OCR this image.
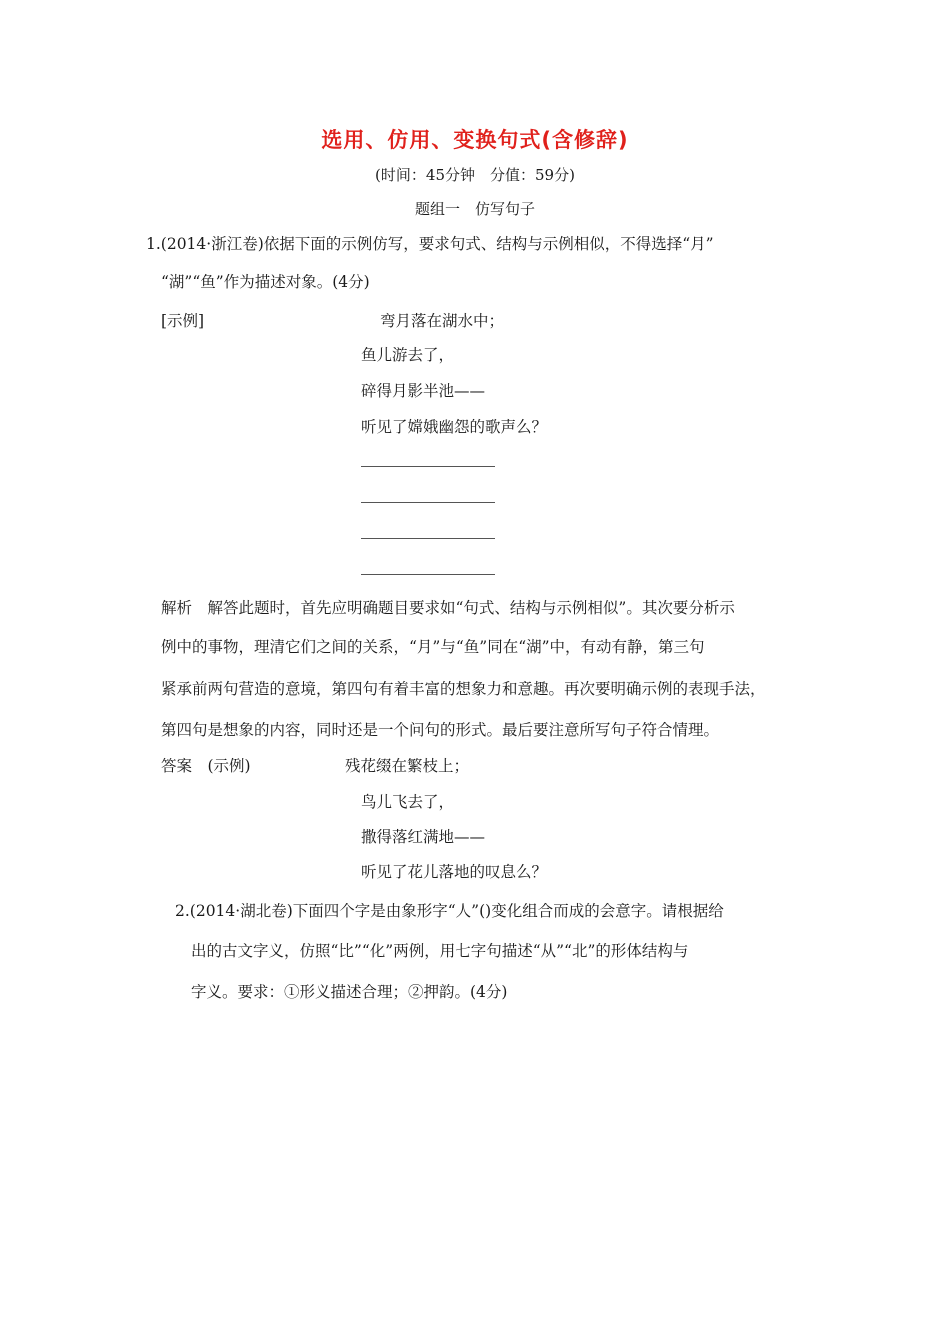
选用、仿用、变换句式(含修辞)
(时间：45分钟　分值：59分)
题组一　仿写句子
1.(2014·浙江卷)依据下面的示例仿写，要求句式、结构与示例相似，不得选择“月”
“湖”“鱼”作为描述对象。(4分)
[示例]	弯月落在湖水中；
鱼儿游去了，
碎得月影半池——
听见了嫦娥幽怨的歌声么？
解析　解答此题时，首先应明确题目要求如“句式、结构与示例相似”。其次要分析示
例中的事物，理清它们之间的关系，“月”与“鱼”同在“湖”中，有动有静，第三句
紧承前两句营造的意境，第四句有着丰富的想象力和意趣。再次要明确示例的表现手法，
第四句是想象的内容，同时还是一个问句的形式。最后要注意所写句子符合情理。
答案　(示例)	残花缀在繁枝上；
鸟儿飞去了，
撒得落红满地——
听见了花儿落地的叹息么？
2.(2014·湖北卷)下面四个字是由象形字“人”()变化组合而成的会意字。请根据给
出的古文字义，仿照“比”“化”两例，用七字句描述“从”“北”的形体结构与
字义。要求：①形义描述合理；②押韵。(4分)
